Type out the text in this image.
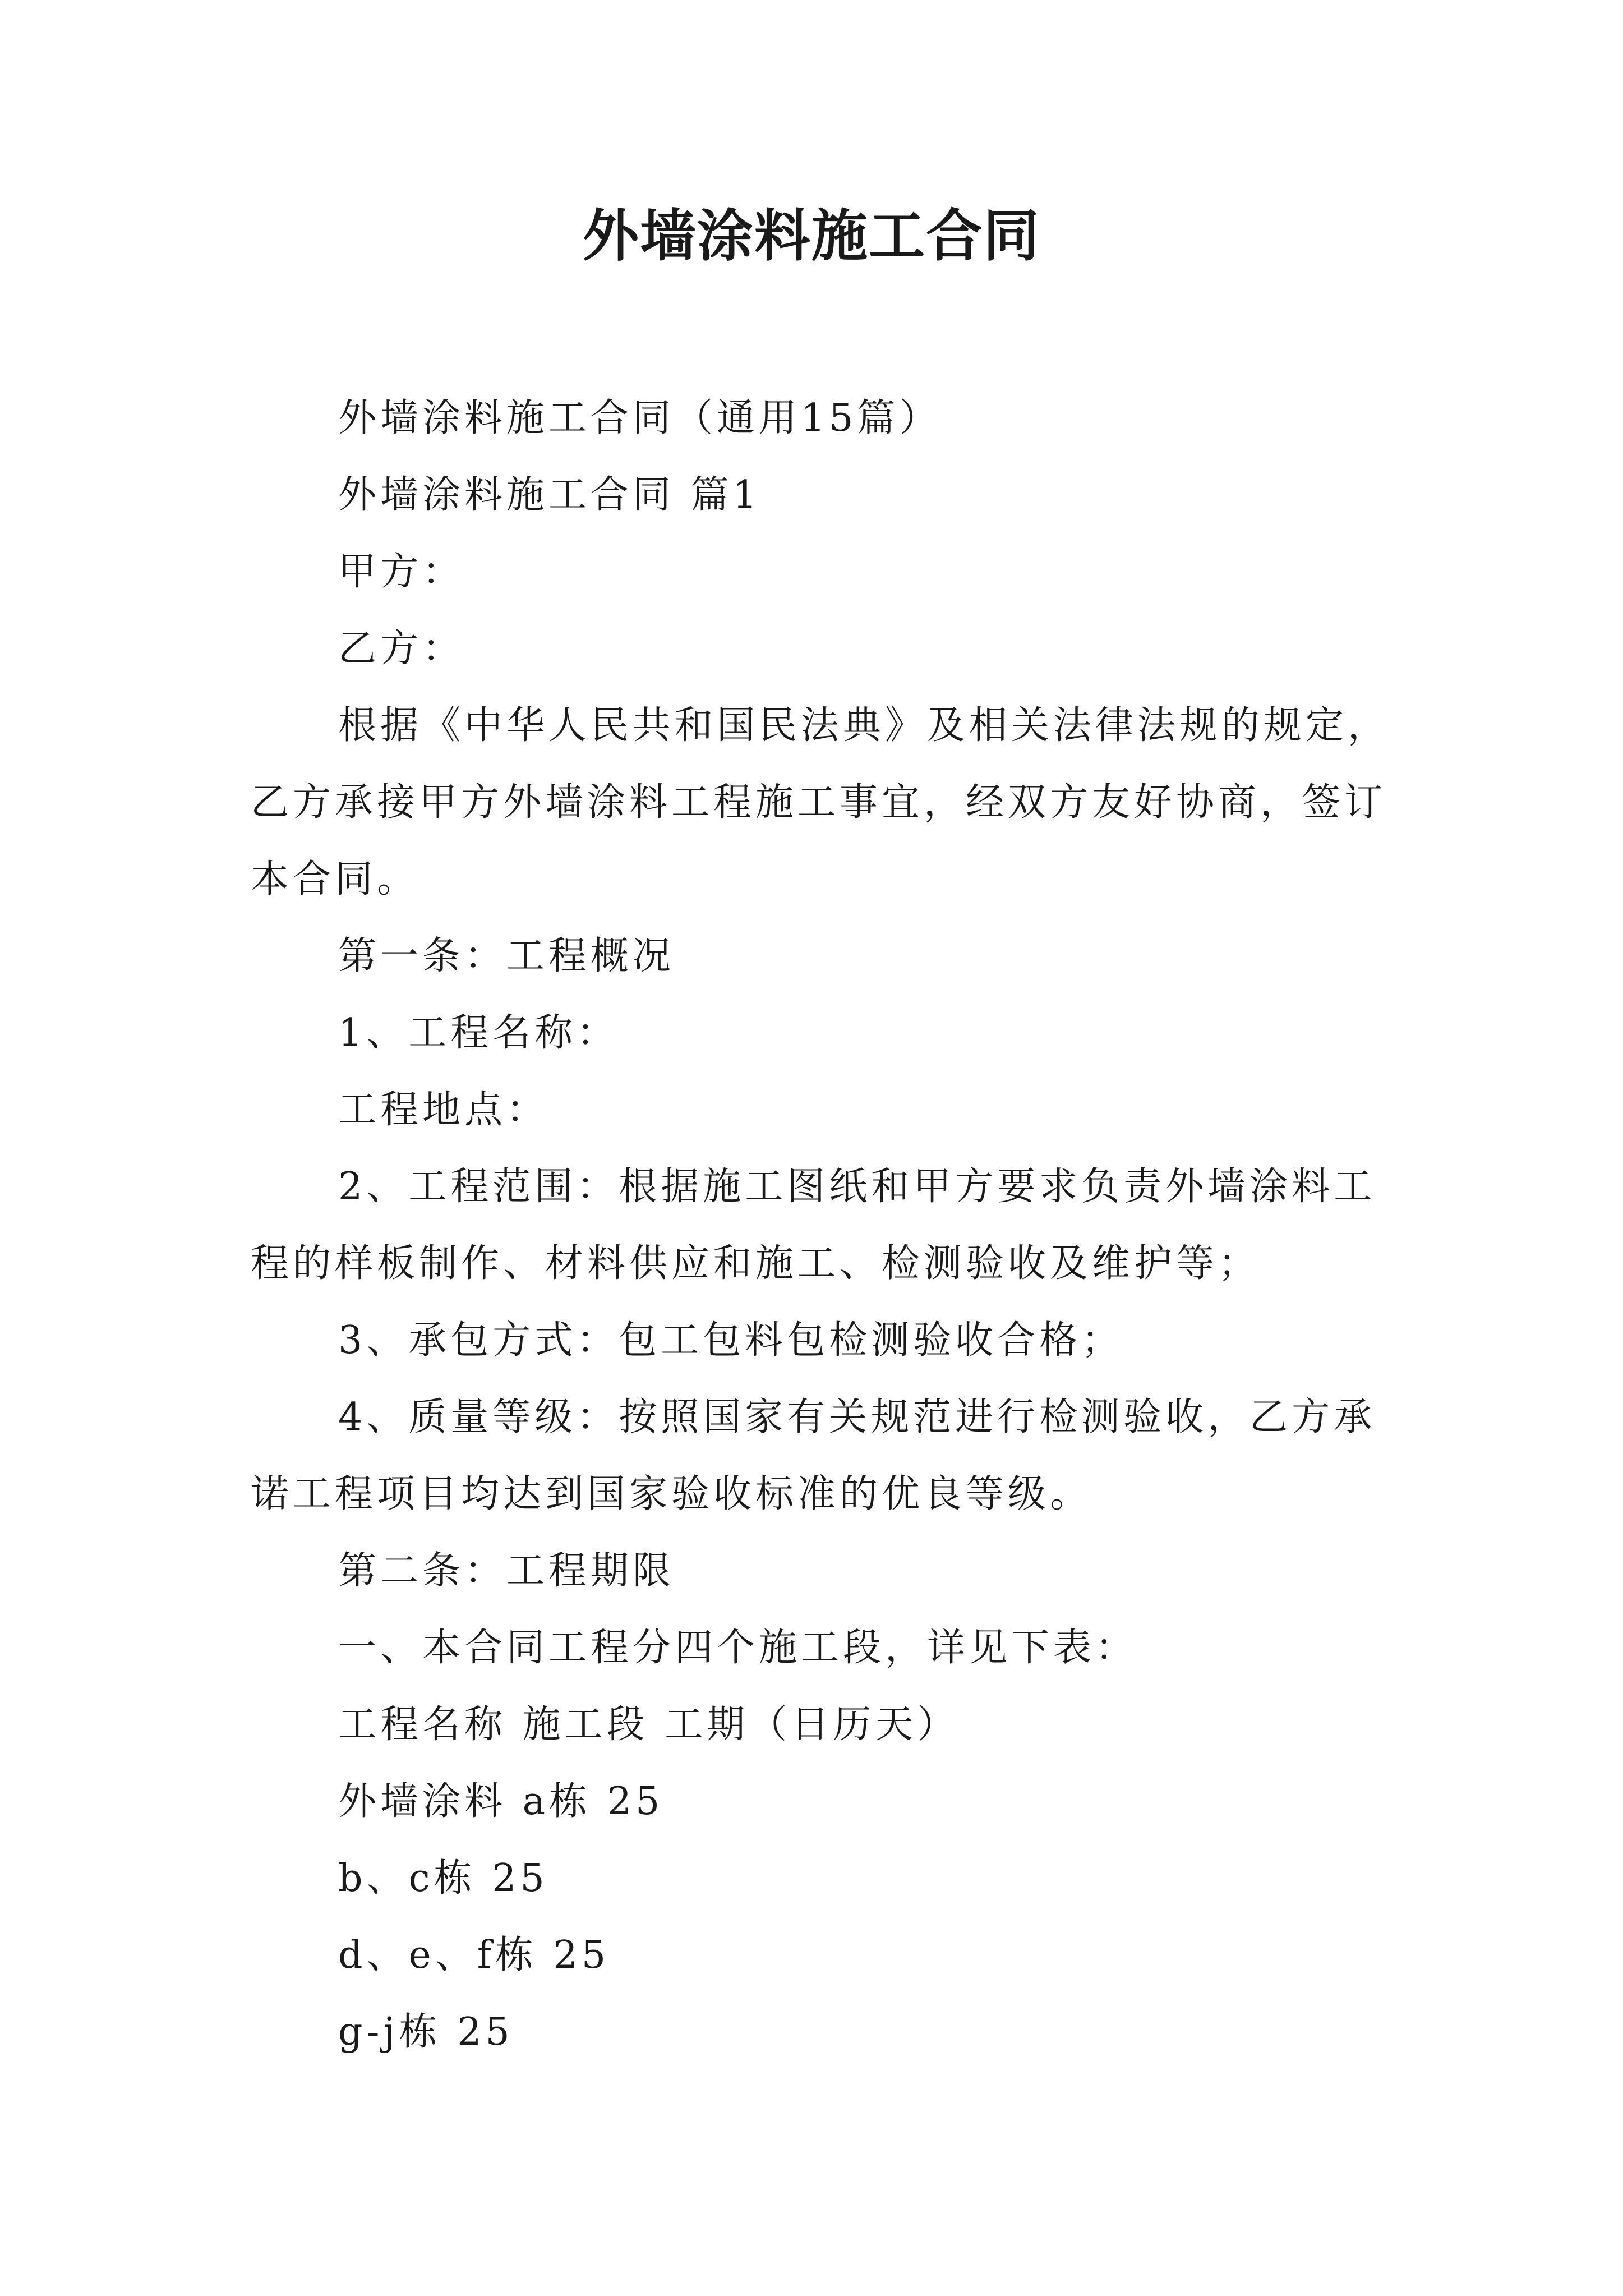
外墙涂料施工合同

外墙涂料施工合同（通用15篇）

外墙涂料施工合同 篇1

甲方：

乙方：

根据《中华人民共和国民法典》及相关法律法规的规定，乙方承接甲方外墙涂料工程施工事宜，经双方友好协商，签订本合同。

第一条：工程概况

1、工程名称：

工程地点：

2、工程范围：根据施工图纸和甲方要求负责外墙涂料工程的样板制作、材料供应和施工、检测验收及维护等；

3、承包方式：包工包料包检测验收合格；

4、质量等级：按照国家有关规范进行检测验收，乙方承诺工程项目均达到国家验收标准的优良等级。

第二条：工程期限

一、本合同工程分四个施工段，详见下表：

工程名称 施工段 工期（日历天）

外墙涂料 a栋 25

b、c栋 25

d、e、f栋 25

g-j栋 25
